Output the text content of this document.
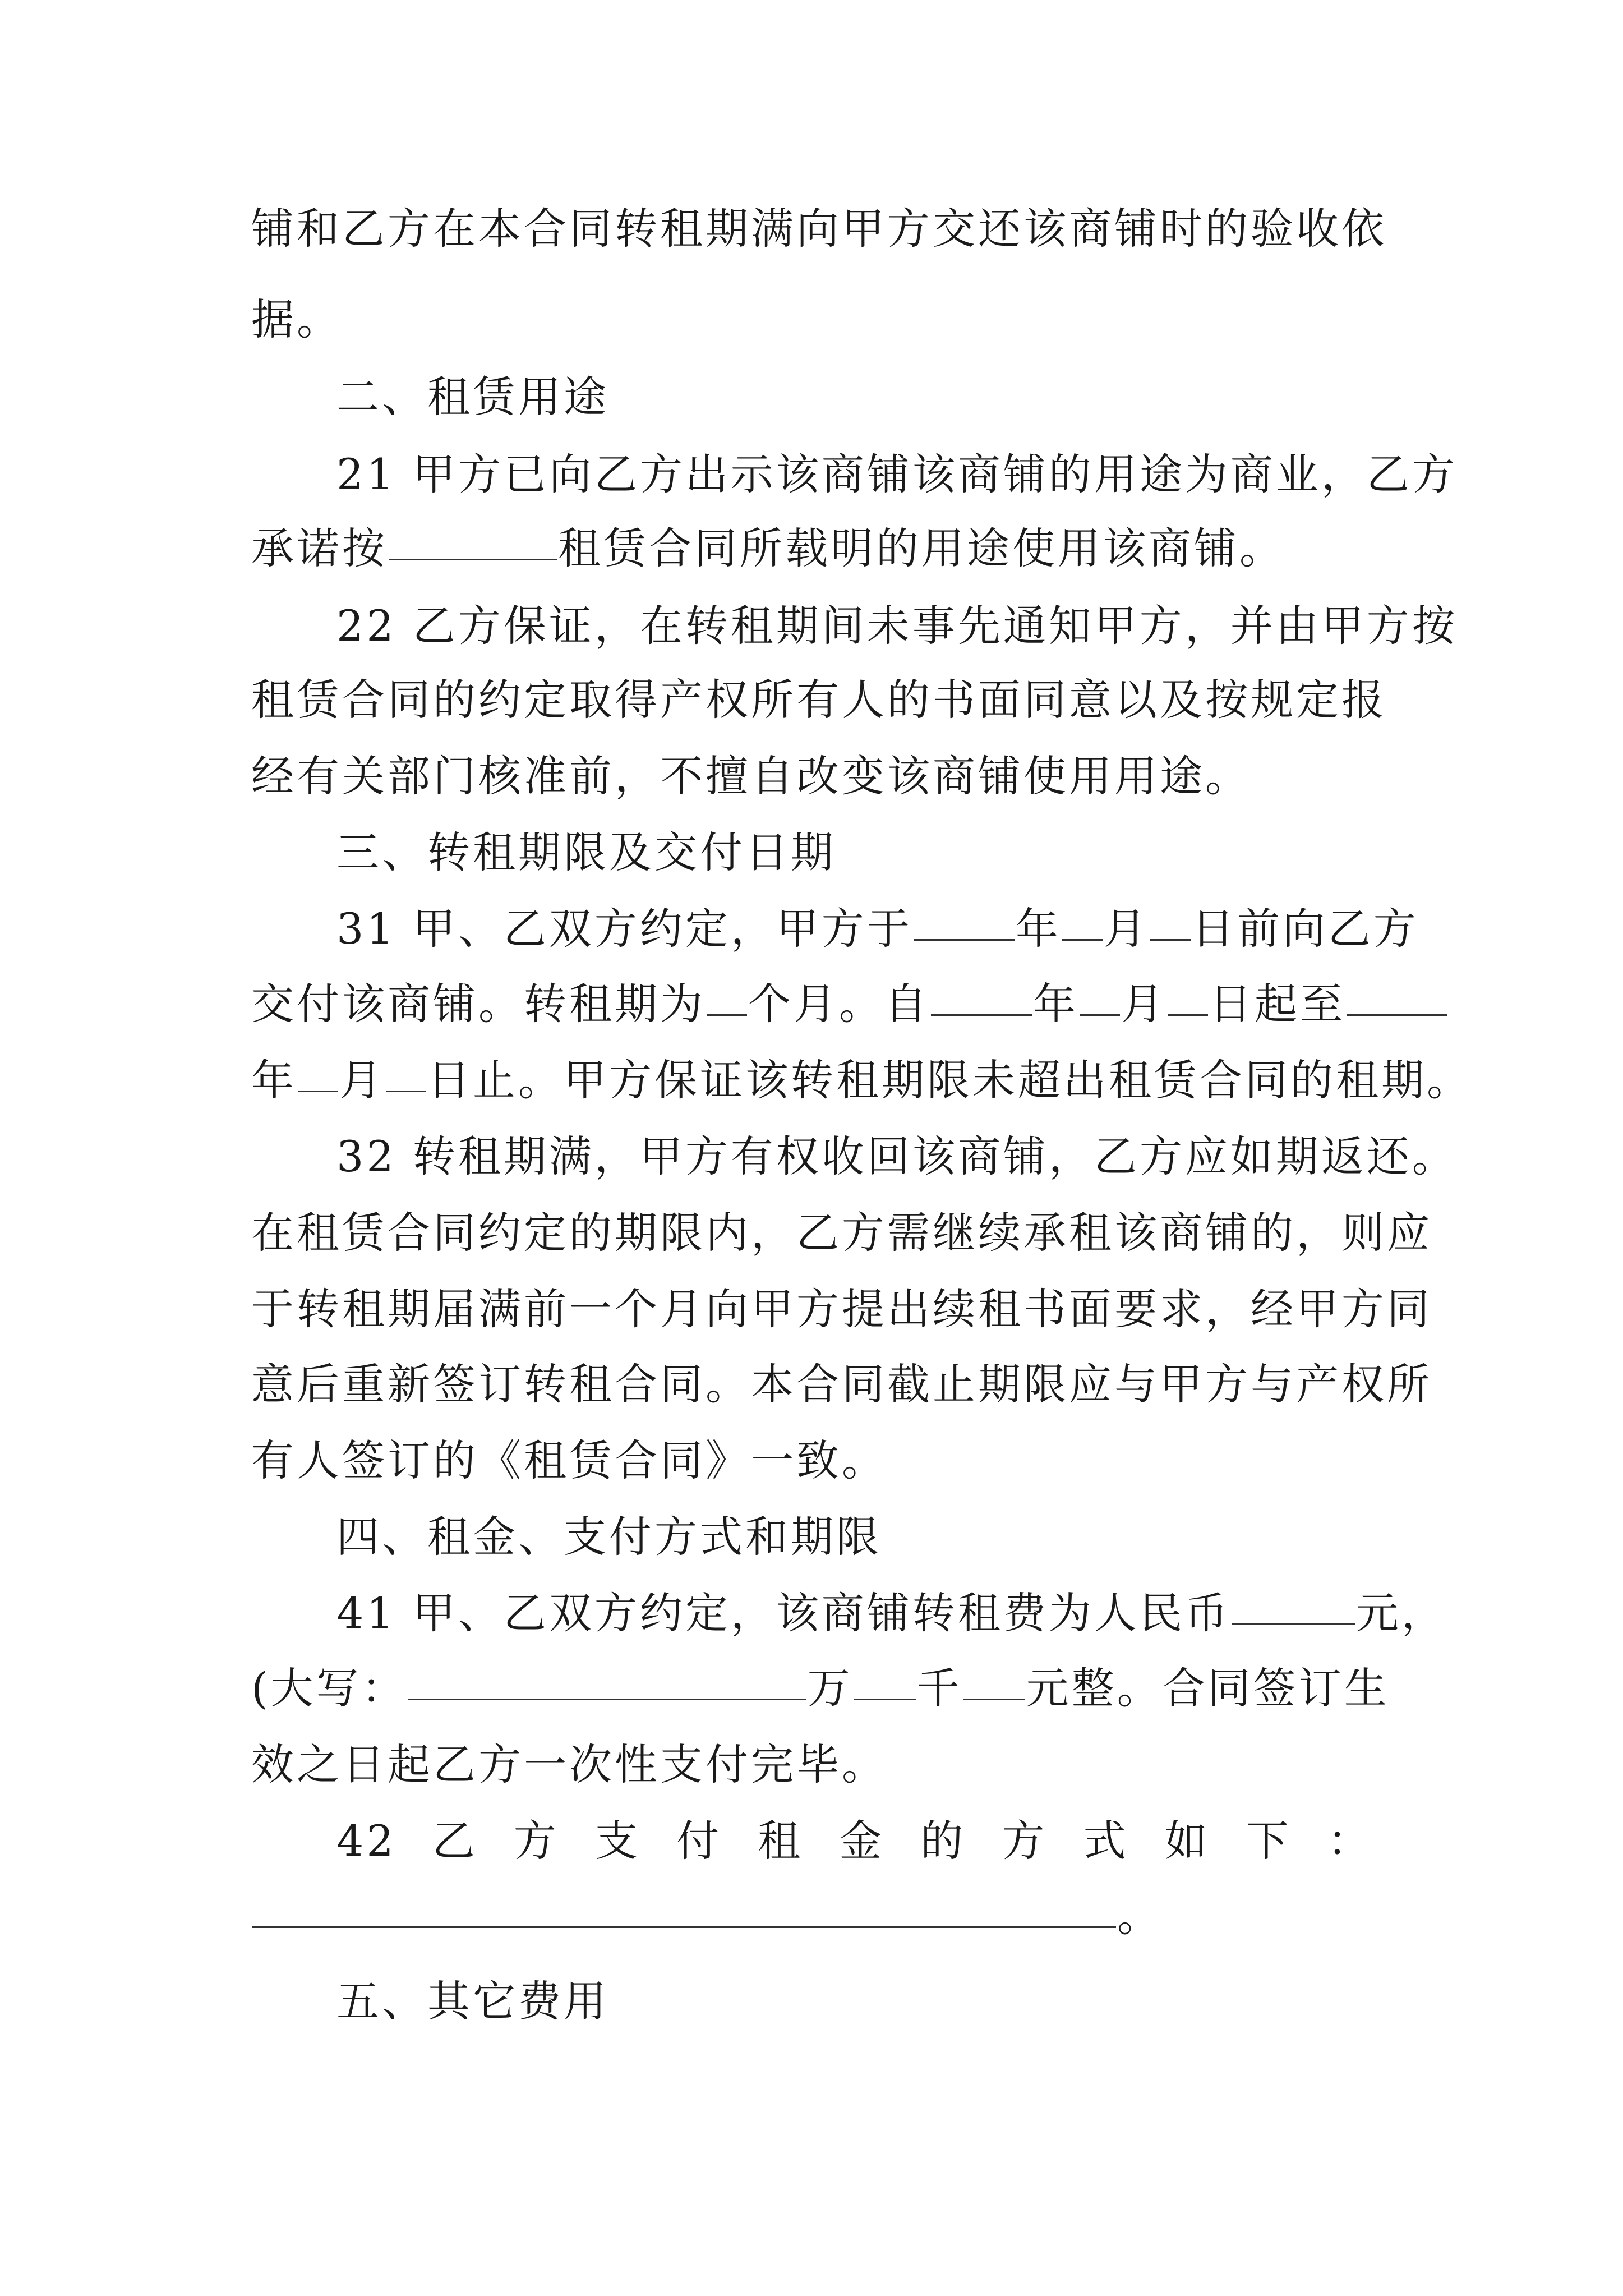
铺和乙方在本合同转租期满向甲方交还该商铺时的验收依
据。
二、租赁用途
21 甲方已向乙方出示该商铺该商铺的用途为商业，乙方
承诺按	租赁合同所载明的用途使用该商铺。
22 乙方保证，在转租期间未事先通知甲方，并由甲方按
租赁合同的约定取得产权所有人的书面同意以及按规定报
经有关部门核准前，不擅自改变该商铺使用用途。
三、转租期限及交付日期
31 甲、乙双方约定，甲方于 年 月 日前向乙方
交付该商铺。转租期为 个月。自 年 月 日起至
年 月 日止。甲方保证该转租期限未超出租赁合同的租期。
32 转租期满，甲方有权收回该商铺，乙方应如期返还。
在租赁合同约定的期限内，乙方需继续承租该商铺的，则应
于转租期届满前一个月向甲方提出续租书面要求，经甲方同
意后重新签订转租合同。本合同截止期限应与甲方与产权所
有人签订的《租赁合同》一致。
四、租金、支付方式和期限
41 甲、乙双方约定，该商铺转租费为人民币	元，
(大写：	万 千 元整。合同签订生
效之日起乙方一次性支付完毕。
42 乙 方 支 付 租 金 的 方 式 如 下 ：
。
五、其它费用
